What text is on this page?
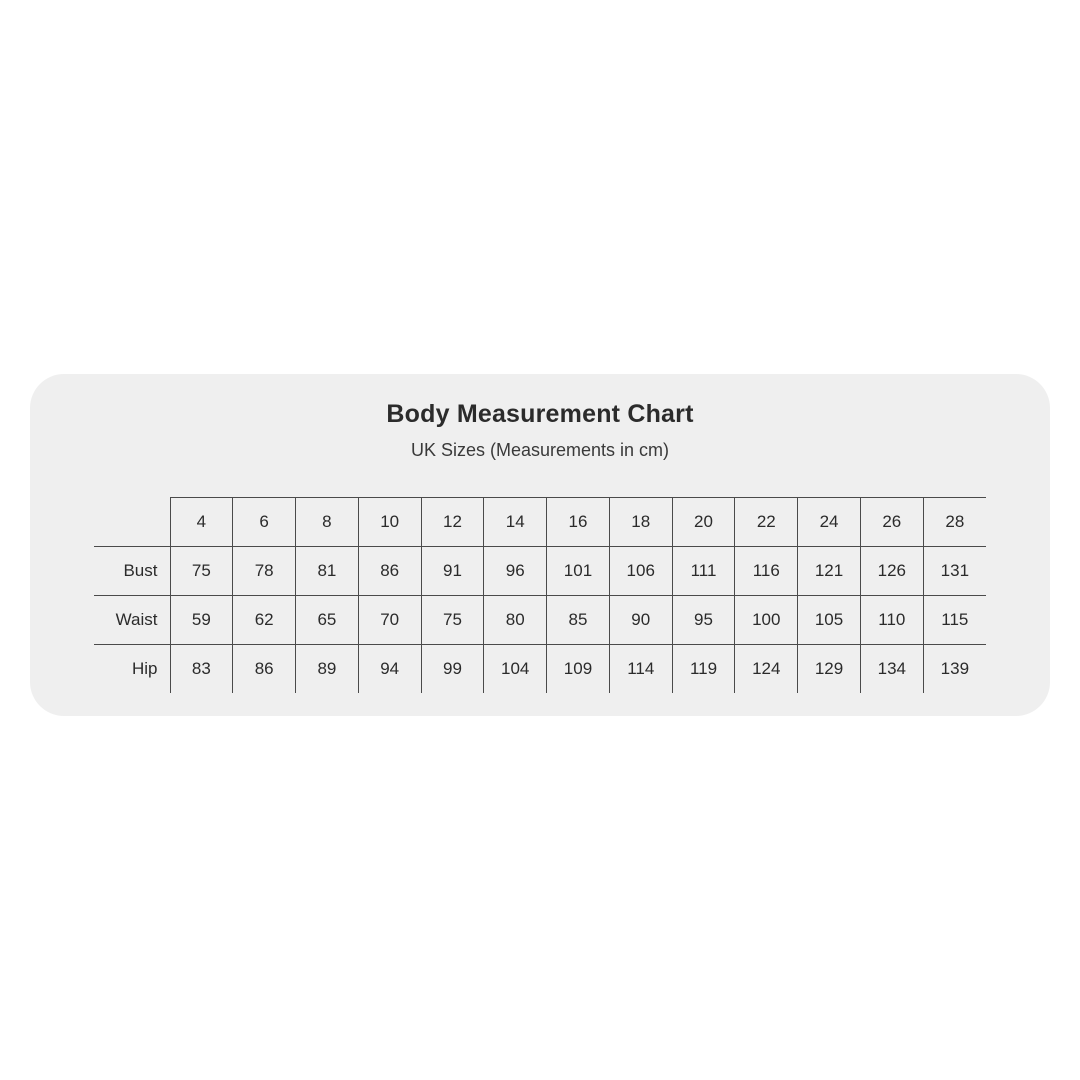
Body Measurement Chart
UK Sizes (Measurements in cm)
	4	6	8	10	12	14	16	18	20	22	24	26	28
Bust	75	78	81	86	91	96	101	106	111	116	121	126	131
Waist	59	62	65	70	75	80	85	90	95	100	105	110	115
Hip	83	86	89	94	99	104	109	114	119	124	129	134	139
